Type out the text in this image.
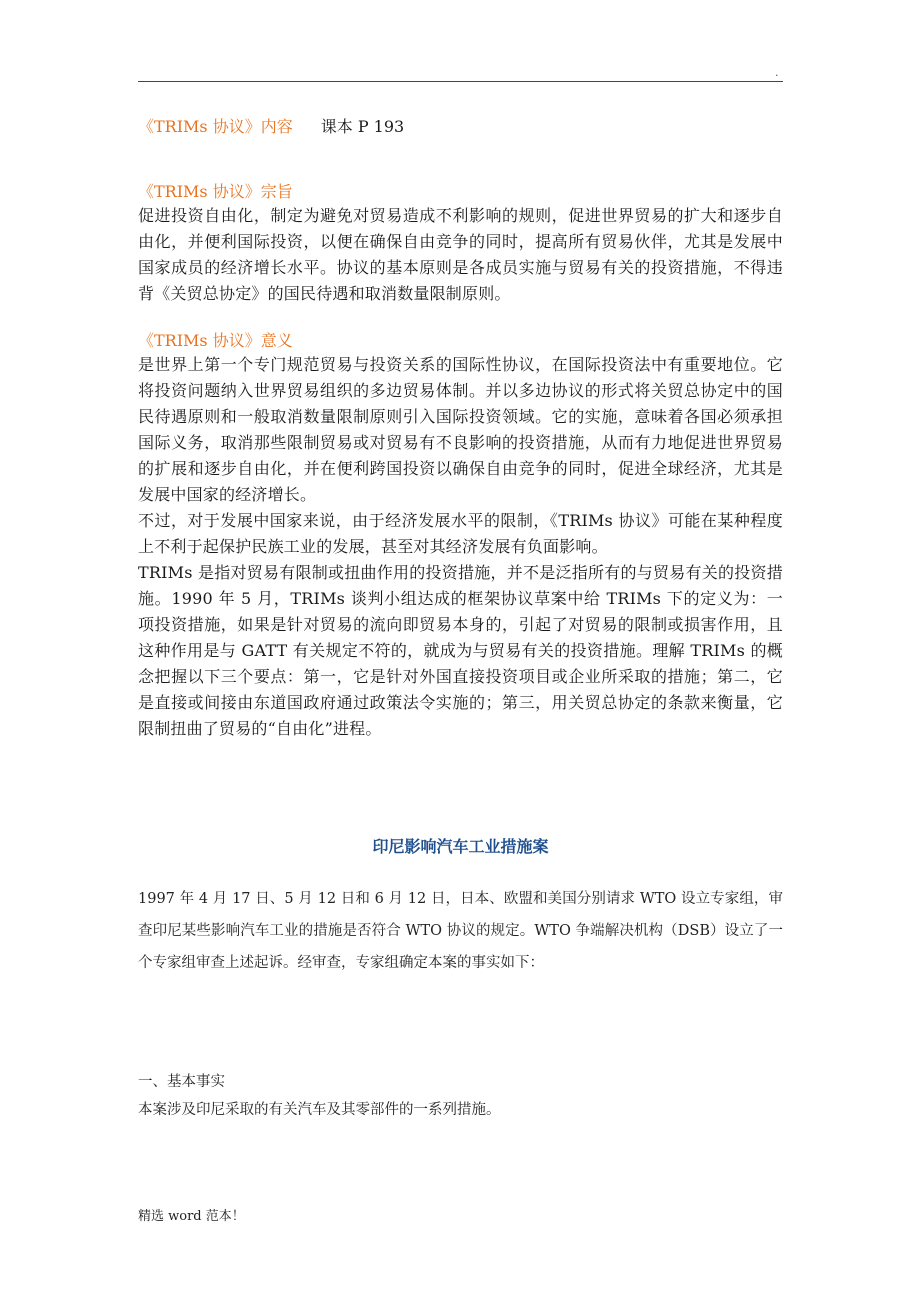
.

《TRIMs 协议》内容 课本 P 193

《TRIMs 协议》宗旨

促进投资自由化，制定为避免对贸易造成不利影响的规则，促进世界贸易的扩大和逐步自由化，并便利国际投资，以便在确保自由竞争的同时，提高所有贸易伙伴，尤其是发展中国家成员的经济增长水平。协议的基本原则是各成员实施与贸易有关的投资措施，不得违背《关贸总协定》的国民待遇和取消数量限制原则。

《TRIMs 协议》意义

是世界上第一个专门规范贸易与投资关系的国际性协议，在国际投资法中有重要地位。它将投资问题纳入世界贸易组织的多边贸易体制。并以多边协议的形式将关贸总协定中的国民待遇原则和一般取消数量限制原则引入国际投资领域。它的实施，意味着各国必须承担国际义务，取消那些限制贸易或对贸易有不良影响的投资措施，从而有力地促进世界贸易的扩展和逐步自由化，并在便利跨国投资以确保自由竞争的同时，促进全球经济，尤其是发展中国家的经济增长。

不过，对于发展中国家来说，由于经济发展水平的限制，《TRIMs 协议》可能在某种程度上不利于起保护民族工业的发展，甚至对其经济发展有负面影响。

TRIMs 是指对贸易有限制或扭曲作用的投资措施，并不是泛指所有的与贸易有关的投资措施。1990 年 5 月，TRIMs 谈判小组达成的框架协议草案中给 TRIMs 下的定义为：一项投资措施，如果是针对贸易的流向即贸易本身的，引起了对贸易的限制或损害作用，且这种作用是与 GATT 有关规定不符的，就成为与贸易有关的投资措施。理解 TRIMs 的概念把握以下三个要点：第一，它是针对外国直接投资项目或企业所采取的措施；第二，它是直接或间接由东道国政府通过政策法令实施的；第三，用关贸总协定的条款来衡量，它限制扭曲了贸易的“自由化”进程。

印尼影响汽车工业措施案

1997 年 4 月 17 日、5 月 12 日和 6 月 12 日，日本、欧盟和美国分别请求 WTO 设立专家组，审查印尼某些影响汽车工业的措施是否符合 WTO 协议的规定。WTO 争端解决机构（DSB）设立了一个专家组审查上述起诉。经审查，专家组确定本案的事实如下：

一、基本事实

本案涉及印尼采取的有关汽车及其零部件的一系列措施。

精选 word 范本！
